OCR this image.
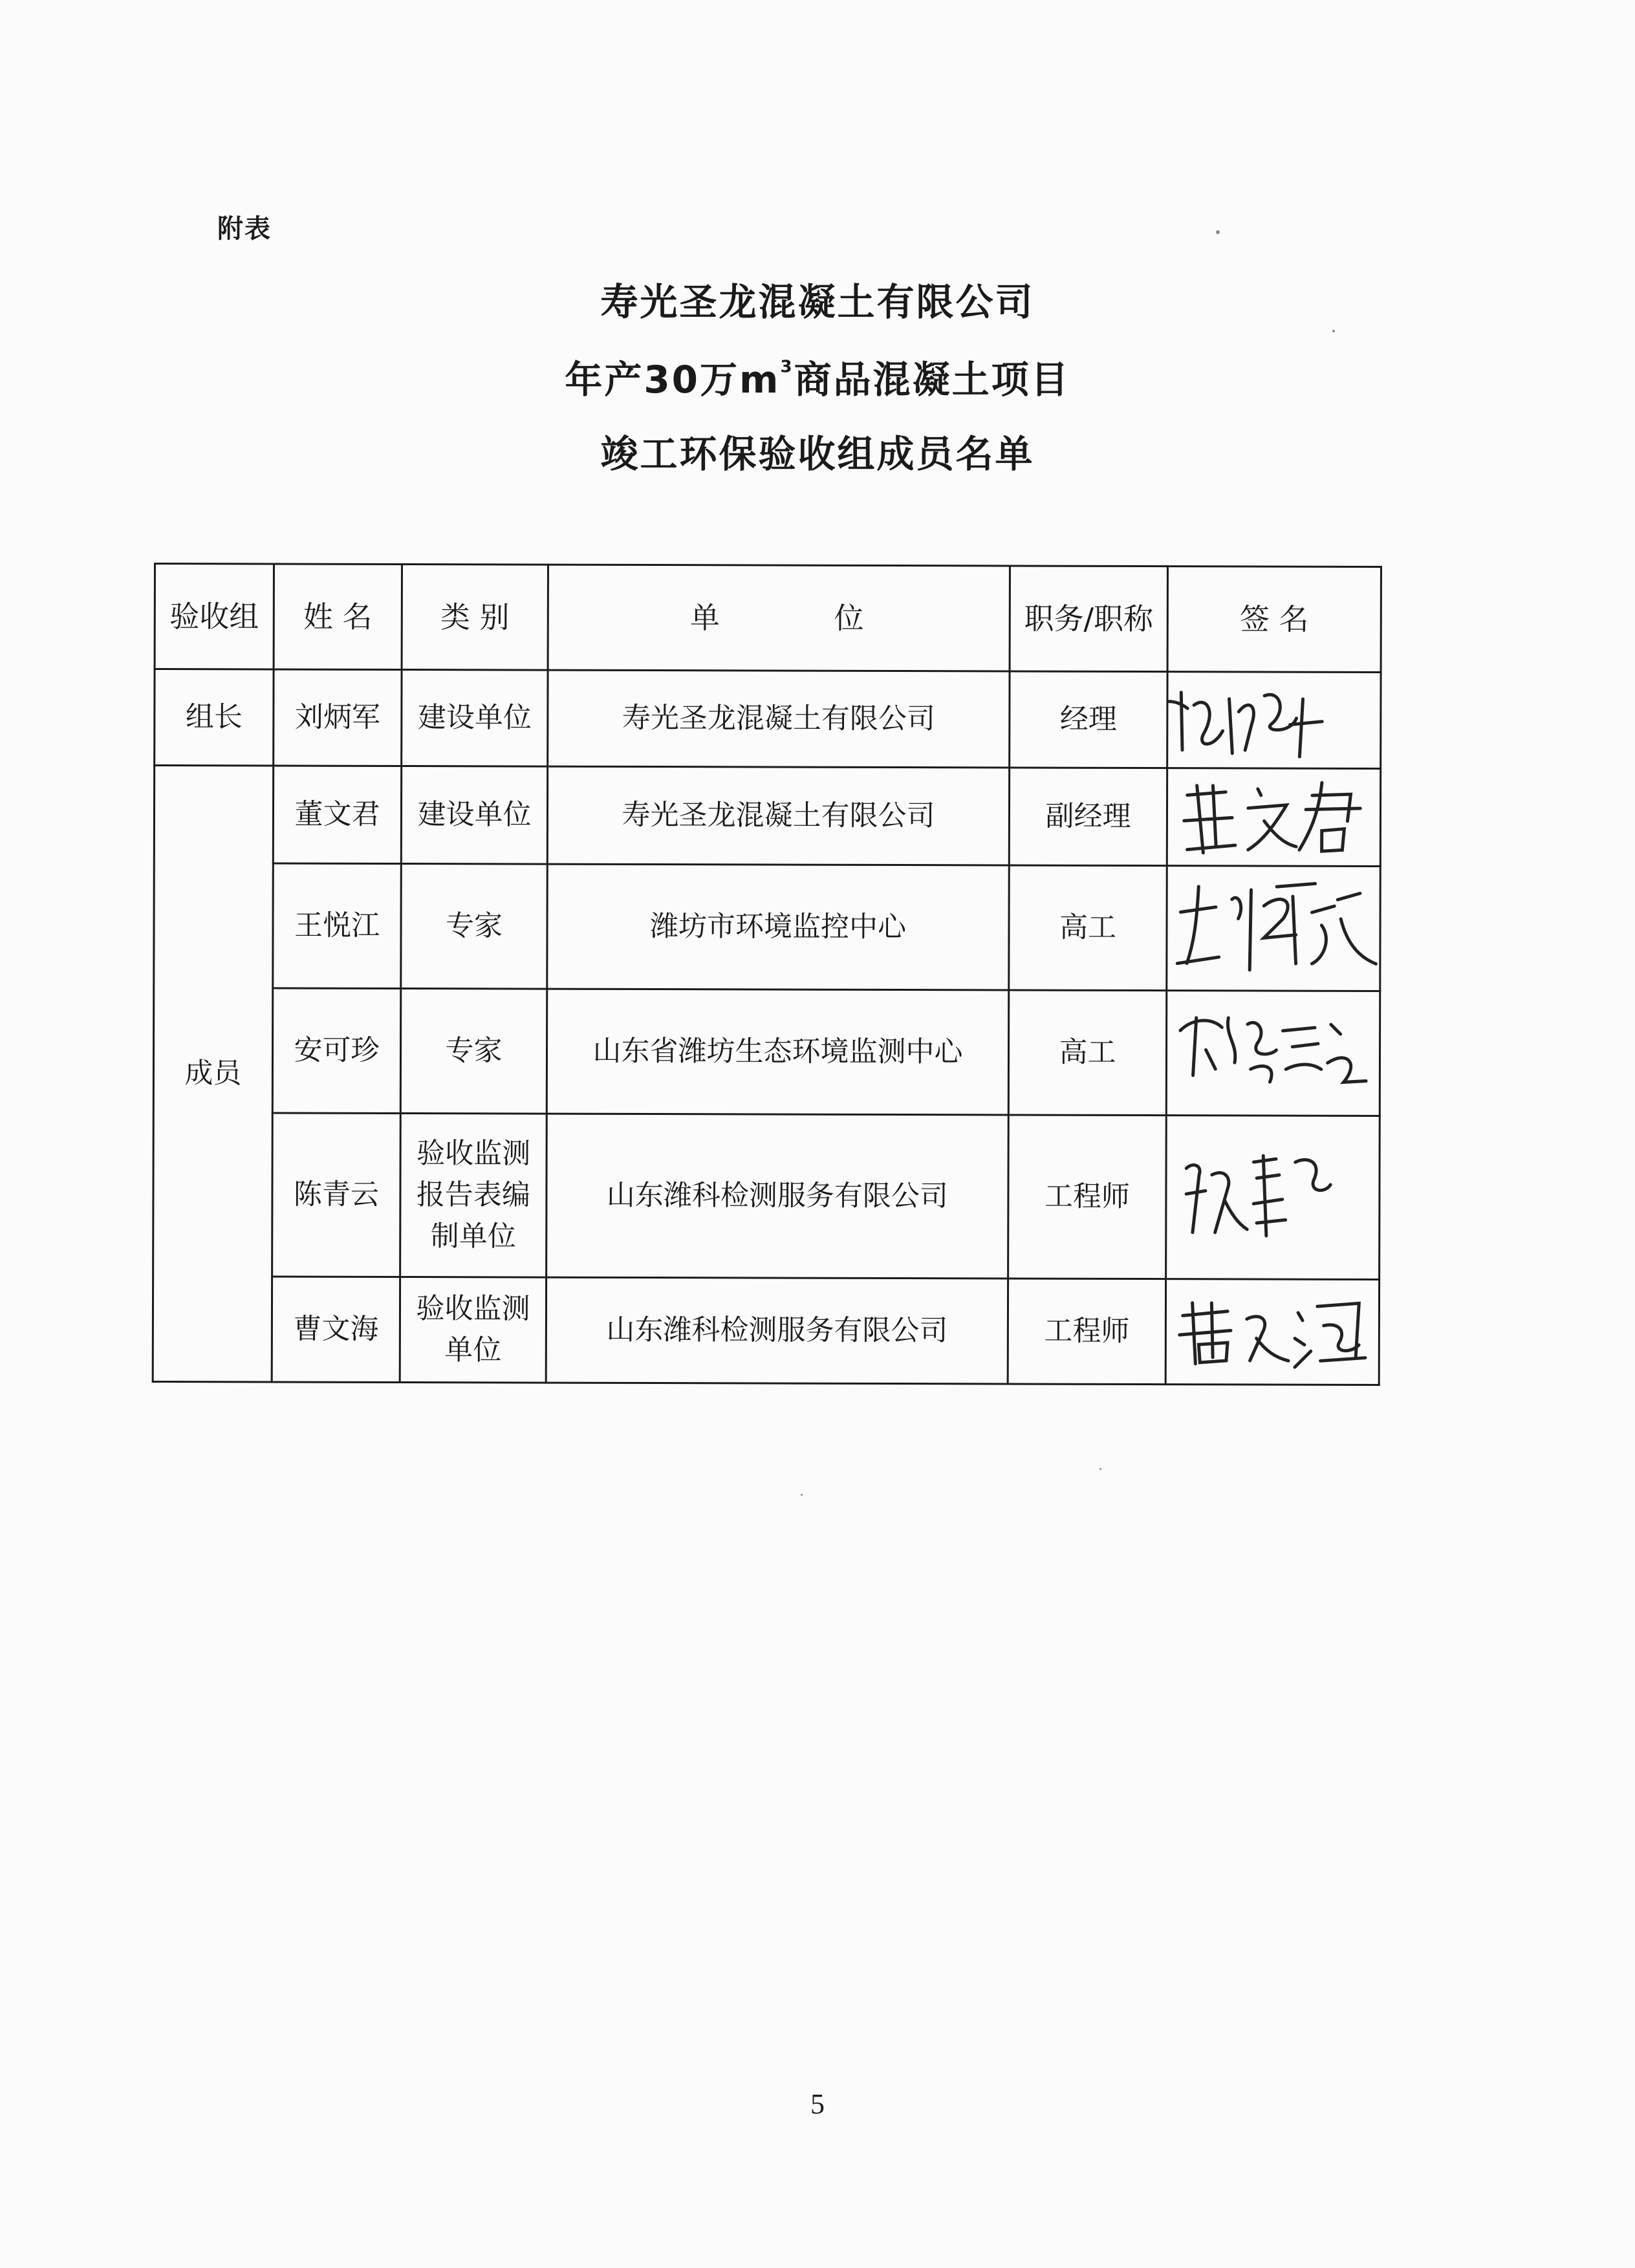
附表
寿光圣龙混凝土有限公司
年产30万$m^3$商品混凝土项目
竣工环保验收组成员名单
验收组	姓 名	类 别	单 位	职务/职称	签 名
组长	刘炳军	建设单位	寿光圣龙混凝土有限公司	经理	

成员	董文君	建设单位	寿光圣龙混凝土有限公司	副经理	

	王悦江	专家	潍坊市环境监控中心	高工	

	安可珍	专家	山东省潍坊生态环境监测中心	高工	

	陈青云	验收监测报告表编制单位	山东潍科检测服务有限公司	工程师	

	曹文海	验收监测单位	山东潍科检测服务有限公司	工程师	
5
